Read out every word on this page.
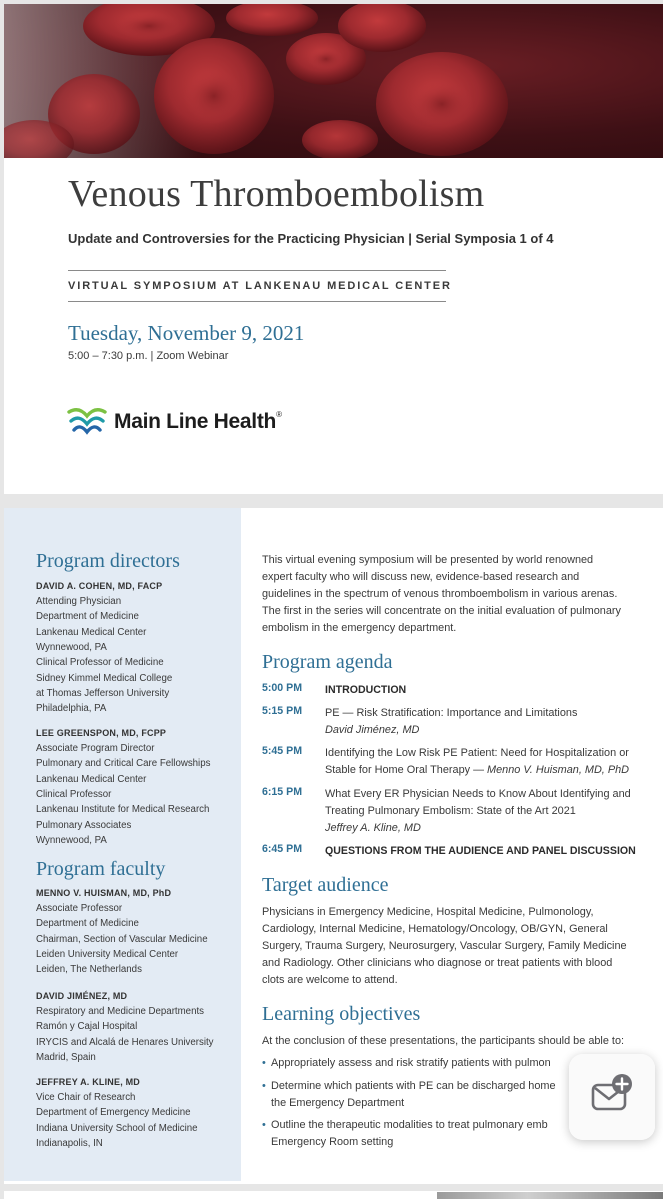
Venous Thromboembolism
Update and Controversies for the Practicing Physician | Serial Symposia 1 of 4
VIRTUAL SYMPOSIUM AT LANKENAU MEDICAL CENTER
Tuesday, November 9, 2021
5:00 – 7:30 p.m. | Zoom Webinar
Main Line Health®
Program directors
DAVID A. COHEN, MD, FACP
Attending Physician
Department of Medicine
Lankenau Medical Center
Wynnewood, PA
Clinical Professor of Medicine
Sidney Kimmel Medical College
at Thomas Jefferson University
Philadelphia, PA
LEE GREENSPON, MD, FCPP
Associate Program Director
Pulmonary and Critical Care Fellowships
Lankenau Medical Center
Clinical Professor
Lankenau Institute for Medical Research
Pulmonary Associates
Wynnewood, PA
Program faculty
MENNO V. HUISMAN, MD, PhD
Associate Professor
Department of Medicine
Chairman, Section of Vascular Medicine
Leiden University Medical Center
Leiden, The Netherlands
DAVID JIMÉNEZ, MD
Respiratory and Medicine Departments
Ramón y Cajal Hospital
IRYCIS and Alcalá de Henares University
Madrid, Spain
JEFFREY A. KLINE, MD
Vice Chair of Research
Department of Emergency Medicine
Indiana University School of Medicine
Indianapolis, IN
This virtual evening symposium will be presented by world renowned
expert faculty who will discuss new, evidence-based research and
guidelines in the spectrum of venous thromboembolism in various arenas.
The first in the series will concentrate on the initial evaluation of pulmonary
embolism in the emergency department.
Program agenda
5:00 PM INTRODUCTION
5:15 PM PE — Risk Stratification: Importance and Limitations
David Jiménez, MD
5:45 PM Identifying the Low Risk PE Patient: Need for Hospitalization or
Stable for Home Oral Therapy — Menno V. Huisman, MD, PhD
6:15 PM What Every ER Physician Needs to Know About Identifying and
Treating Pulmonary Embolism: State of the Art 2021
Jeffrey A. Kline, MD
6:45 PM QUESTIONS FROM THE AUDIENCE AND PANEL DISCUSSION
Target audience
Physicians in Emergency Medicine, Hospital Medicine, Pulmonology,
Cardiology, Internal Medicine, Hematology/Oncology, OB/GYN, General
Surgery, Trauma Surgery, Neurosurgery, Vascular Surgery, Family Medicine
and Radiology. Other clinicians who diagnose or treat patients with blood
clots are welcome to attend.
Learning objectives
At the conclusion of these presentations, the participants should be able to:
• Appropriately assess and risk stratify patients with pulmon
• Determine which patients with PE can be discharged home
the Emergency Department
• Outline the therapeutic modalities to treat pulmonary emb
Emergency Room setting
